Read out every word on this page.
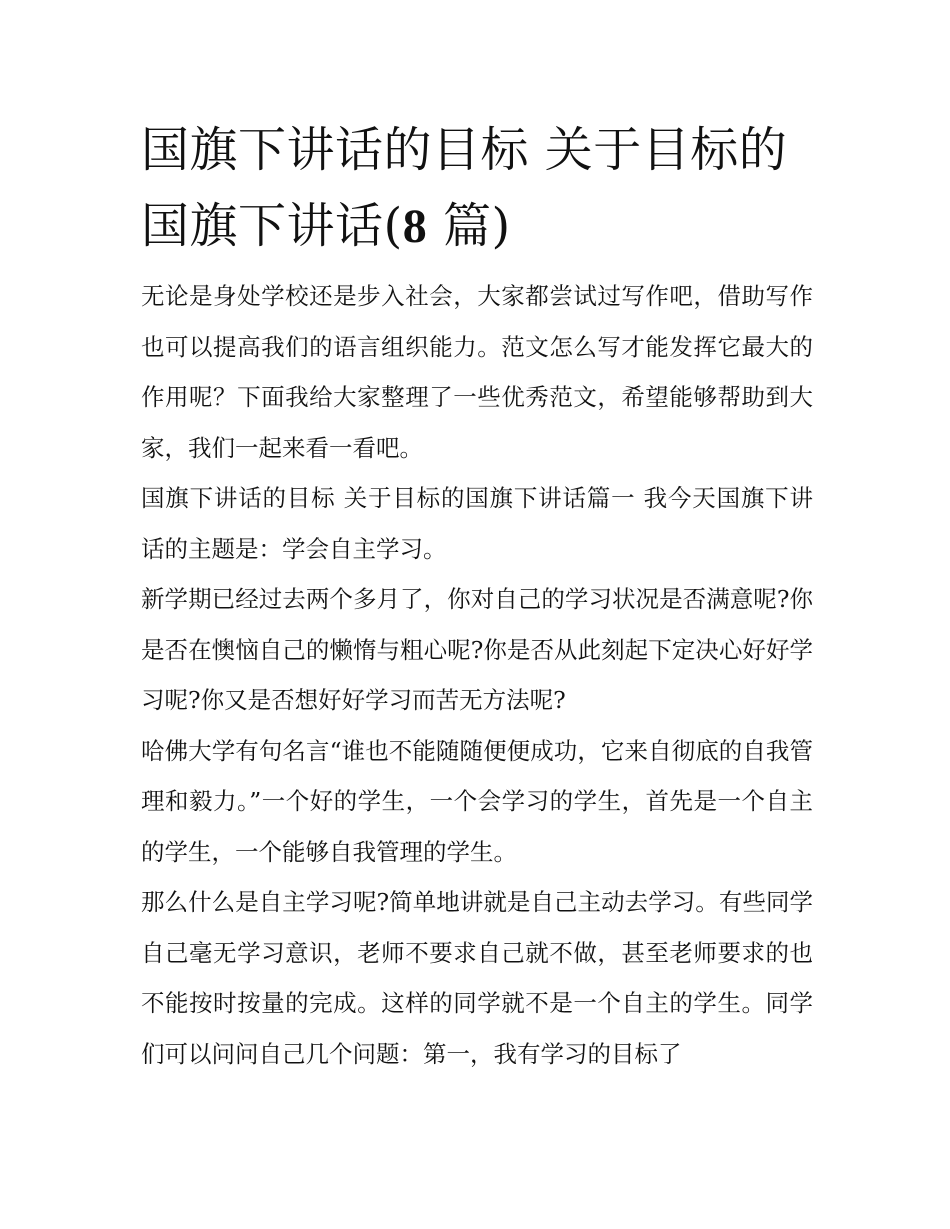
国旗下讲话的目标 关于目标的国旗下讲话(8 篇)

无论是身处学校还是步入社会，大家都尝试过写作吧，借助写作也可以提高我们的语言组织能力。范文怎么写才能发挥它最大的作用呢？下面我给大家整理了一些优秀范文，希望能够帮助到大家，我们一起来看一看吧。

国旗下讲话的目标 关于目标的国旗下讲话篇一 我今天国旗下讲话的主题是：学会自主学习。

新学期已经过去两个多月了，你对自己的学习状况是否满意呢?你是否在懊恼自己的懒惰与粗心呢?你是否从此刻起下定决心好好学习呢?你又是否想好好学习而苦无方法呢?

哈佛大学有句名言“谁也不能随随便便成功，它来自彻底的自我管理和毅力。”一个好的学生，一个会学习的学生，首先是一个自主的学生，一个能够自我管理的学生。

那么什么是自主学习呢?简单地讲就是自己主动去学习。有些同学自己毫无学习意识，老师不要求自己就不做，甚至老师要求的也不能按时按量的完成。这样的同学就不是一个自主的学生。同学们可以问问自己几个问题：第一，我有学习的目标了
